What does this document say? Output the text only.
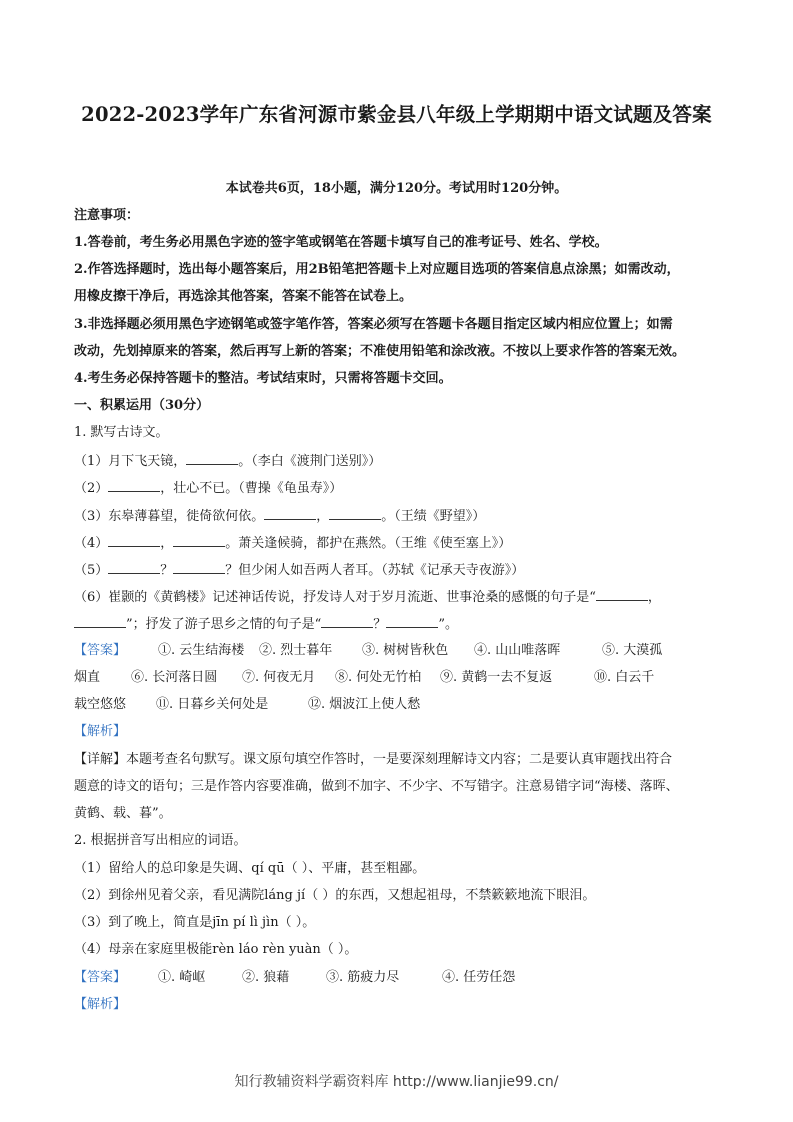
2022-2023学年广东省河源市紫金县八年级上学期期中语文试题及答案
本试卷共6页，18小题，满分120分。考试用时120分钟。
注意事项：
1.答卷前，考生务必用黑色字迹的签字笔或钢笔在答题卡填写自己的准考证号、姓名、学校。
2.作答选择题时，选出每小题答案后，用2B铅笔把答题卡上对应题目选项的答案信息点涂黑；如需改动，
用橡皮擦干净后，再选涂其他答案，答案不能答在试卷上。
3.非选择题必须用黑色字迹钢笔或签字笔作答，答案必须写在答题卡各题目指定区域内相应位置上；如需
改动，先划掉原来的答案，然后再写上新的答案；不准使用铅笔和涂改液。不按以上要求作答的答案无效。
4.考生务必保持答题卡的整洁。考试结束时，只需将答题卡交回。
一、积累运用（30分）
1. 默写古诗文。
（1）月下飞天镜，	。（李白《渡荆门送别》）
（2）	，壮心不已。（曹操《龟虽寿》）
（3）东皋薄暮望，徙倚欲何依。	，	。（王绩《野望》）
（4）	，	。萧关逢候骑，都护在燕然。（王维《使至塞上》）
（5）	？	？但少闲人如吾两人者耳。（苏轼《记承天寺夜游》）
（6）崔颢的《黄鹤楼》记述神话传说，抒发诗人对于岁月流逝、世事沧桑的感慨的句子是“	，
”；抒发了游子思乡之情的句子是“	？	”。
【答案】 ①. 云生结海楼 ②. 烈士暮年 ③. 树树皆秋色 ④. 山山唯落晖	⑤. 大漠孤
烟直 ⑥. 长河落日圆 ⑦. 何夜无月 ⑧. 何处无竹柏 ⑨. 黄鹤一去不复返	⑩. 白云千
载空悠悠 ⑪. 日暮乡关何处是	⑫. 烟波江上使人愁
【解析】
【详解】本题考查名句默写。课文原句填空作答时，一是要深刻理解诗文内容；二是要认真审题找出符合
题意的诗文的语句；三是作答内容要准确，做到不加字、不少字、不写错字。注意易错字词“海楼、落晖、
黄鹤、载、暮”。
2. 根据拼音写出相应的词语。
（1）留给人的总印象是失调、qí qū（ ）、平庸，甚至粗鄙。
（2）到徐州见着父亲，看见满院láng jí（ ）的东西，又想起祖母，不禁簌簌地流下眼泪。
（3）到了晚上，简直是jīn pí lì jìn（ ）。
（4）母亲在家庭里极能rèn láo rèn yuàn（ ）。
【答案】 ①. 崎岖	②. 狼藉	③. 筋疲力尽	④. 任劳任怨
【解析】
知行教辅资料学霸资料库 http://www.lianjie99.cn/
